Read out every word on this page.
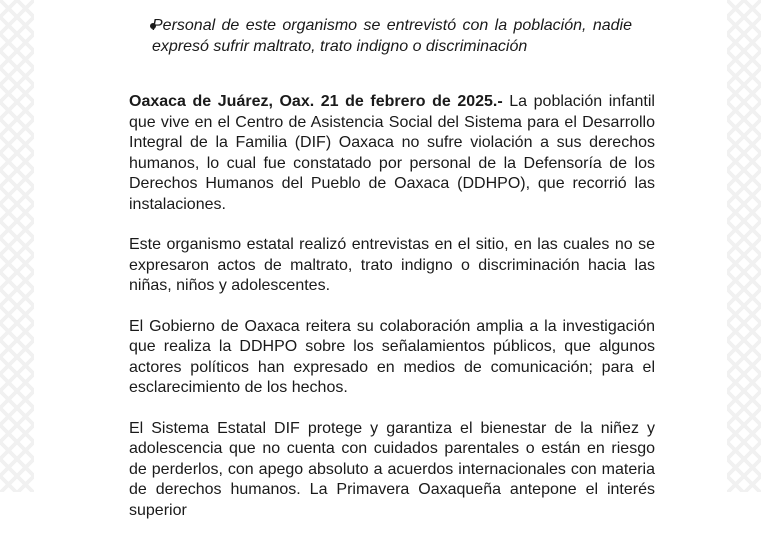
Personal de este organismo se entrevistó con la población, nadie expresó sufrir maltrato, trato indigno o discriminación

Oaxaca de Juárez, Oax. 21 de febrero de 2025.- La población infantil que vive en el Centro de Asistencia Social del Sistema para el Desarrollo Integral de la Familia (DIF) Oaxaca no sufre violación a sus derechos humanos, lo cual fue constatado por personal de la Defensoría de los Derechos Humanos del Pueblo de Oaxaca (DDHPO), que recorrió las instalaciones.

Este organismo estatal realizó entrevistas en el sitio, en las cuales no se expresaron actos de maltrato, trato indigno o discriminación hacia las niñas, niños y adolescentes.

El Gobierno de Oaxaca reitera su colaboración amplia a la investigación que realiza la DDHPO sobre los señalamientos públicos, que algunos actores políticos han expresado en medios de comunicación; para el esclarecimiento de los hechos.

El Sistema Estatal DIF protege y garantiza el bienestar de la niñez y adolescencia que no cuenta con cuidados parentales o están en riesgo de perderlos, con apego absoluto a acuerdos internacionales con materia de derechos humanos. La Primavera Oaxaqueña antepone el interés superior
